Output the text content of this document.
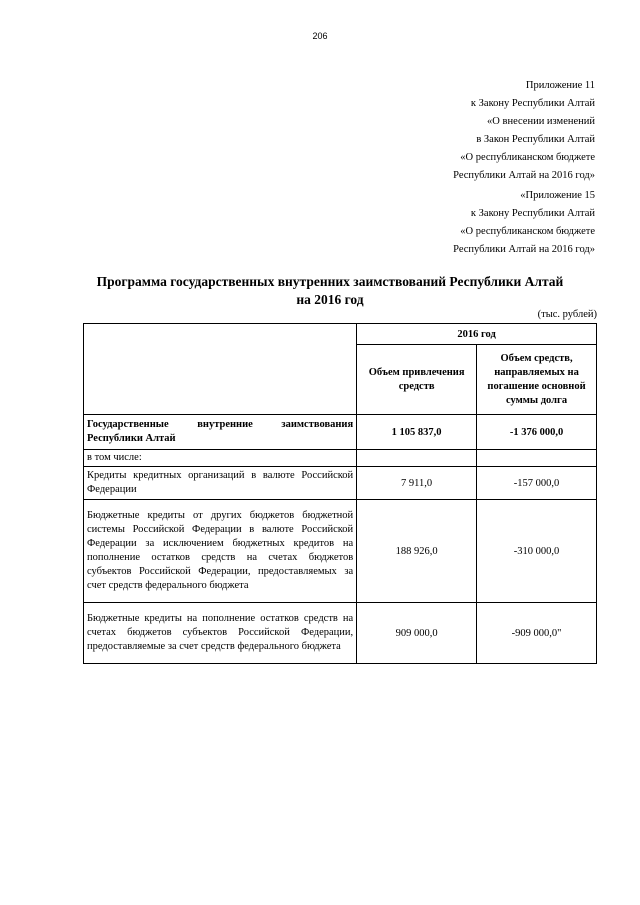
206
Приложение 11
к Закону Республики Алтай
«О внесении изменений
в Закон Республики Алтай
«О республиканском бюджете
Республики Алтай на 2016 год»
«Приложение 15
к Закону Республики Алтай
«О республиканском бюджете
Республики Алтай на 2016 год»
Программа государственных внутренних заимствований Республики Алтай
на 2016 год
(тыс. рублей)
	2016 год	
	Объем привлечения средств	Объем средств, направляемых на погашение основной суммы долга
Государственные внутренние заимствования Республики Алтай	1 105 837,0	-1 376 000,0
в том числе:		
Кредиты кредитных организаций в валюте Российской Федерации	7 911,0	-157 000,0
Бюджетные кредиты от других бюджетов бюджетной системы Российской Федерации в валюте Российской Федерации за исключением бюджетных кредитов на пополнение остатков средств на счетах бюджетов субъектов Российской Федерации, предоставляемых за счет средств федерального бюджета	188 926,0	-310 000,0
Бюджетные кредиты на пополнение остатков средств на счетах бюджетов субъектов Российской Федерации, предоставляемые за счет средств федерального бюджета	909 000,0	-909 000,0"
